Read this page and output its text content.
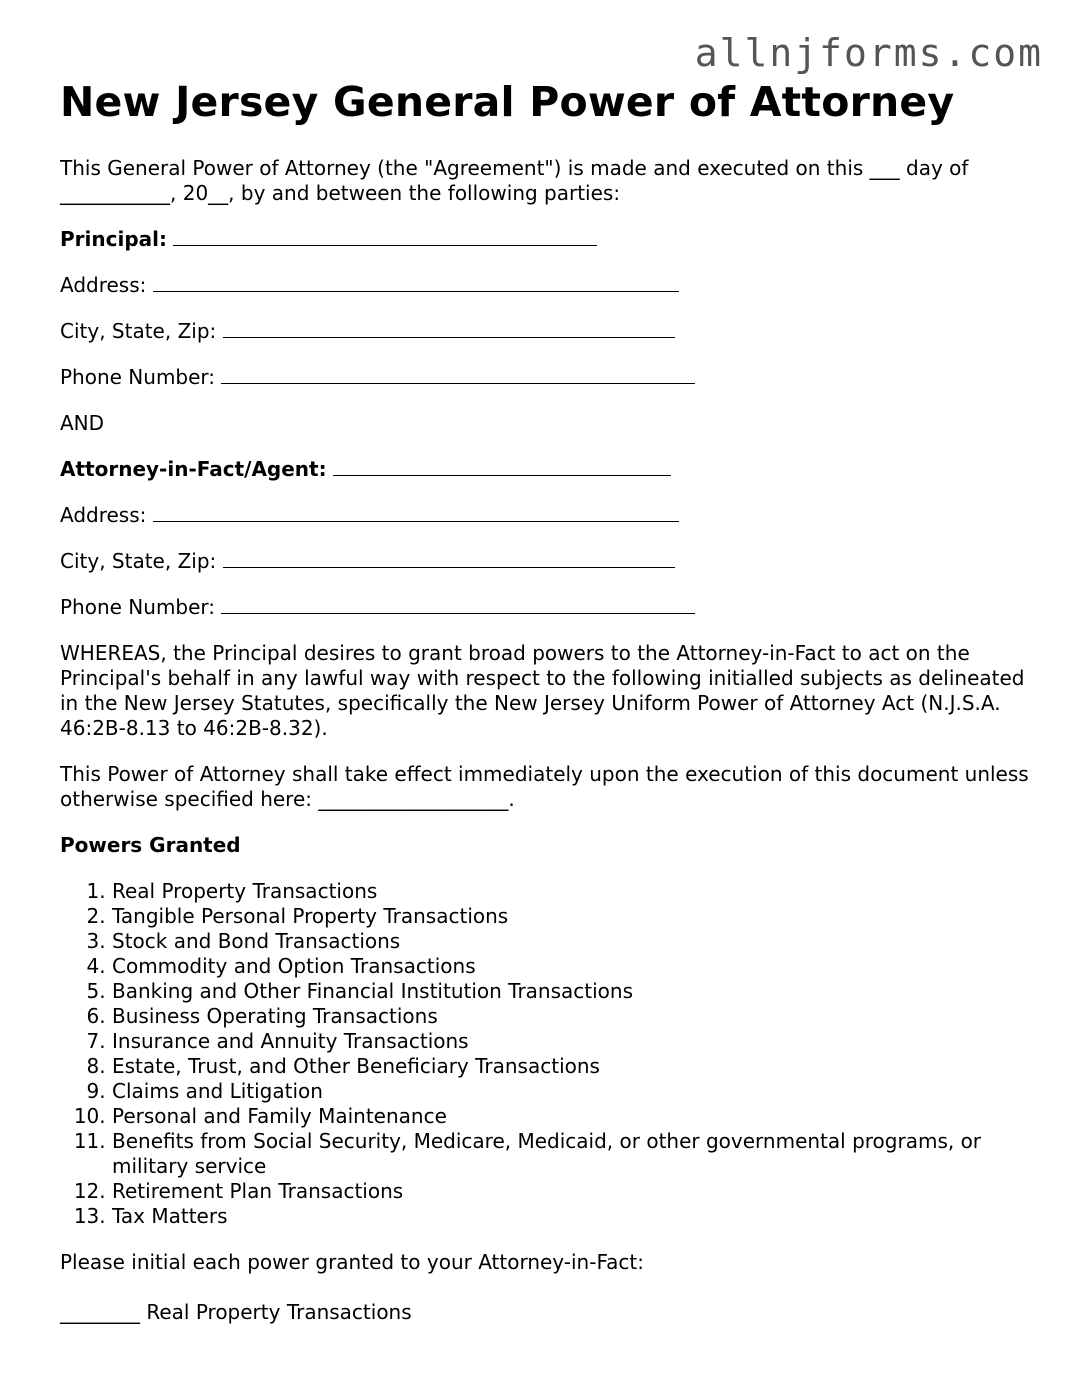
allnjforms.com
New Jersey General Power of Attorney

This General Power of Attorney (the "Agreement") is made and executed on this ___ day of ___________, 20__, by and between the following parties:

Principal:

Address:

City, State, Zip:

Phone Number:

AND

Attorney-in-Fact/Agent:

Address:

City, State, Zip:

Phone Number:

WHEREAS, the Principal desires to grant broad powers to the Attorney-in-Fact to act on the Principal's behalf in any lawful way with respect to the following initialled subjects as delineated in the New Jersey Statutes, specifically the New Jersey Uniform Power of Attorney Act (N.J.S.A. 46:2B-8.13 to 46:2B-8.32).

This Power of Attorney shall take effect immediately upon the execution of this document unless otherwise specified here: ___________________.

Powers Granted

1. Real Property Transactions
2. Tangible Personal Property Transactions
3. Stock and Bond Transactions
4. Commodity and Option Transactions
5. Banking and Other Financial Institution Transactions
6. Business Operating Transactions
7. Insurance and Annuity Transactions
8. Estate, Trust, and Other Beneficiary Transactions
9. Claims and Litigation
10. Personal and Family Maintenance
11. Benefits from Social Security, Medicare, Medicaid, or other governmental programs, or military service
12. Retirement Plan Transactions
13. Tax Matters

Please initial each power granted to your Attorney-in-Fact:

________ Real Property Transactions
